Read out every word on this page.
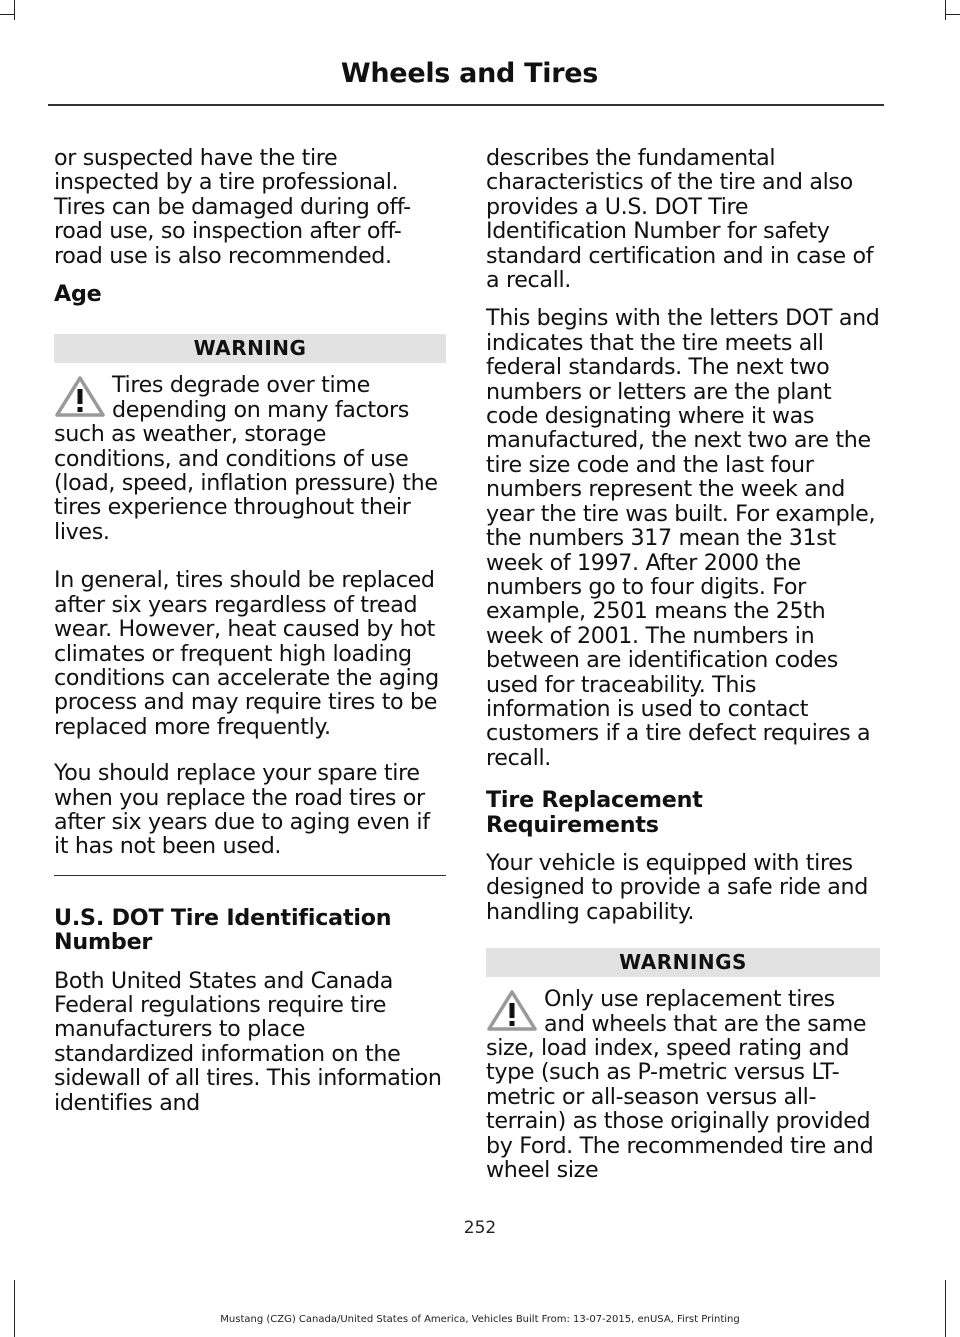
Wheels and Tires

or suspected have the tire inspected by a tire professional. Tires can be damaged during off-road use, so inspection after off-road use is also recommended.

Age
WARNING
Tires degrade over time depending on many factors such as weather, storage conditions, and conditions of use (load, speed, inflation pressure) the tires experience throughout their lives.

In general, tires should be replaced after six years regardless of tread wear. However, heat caused by hot climates or frequent high loading conditions can accelerate the aging process and may require tires to be replaced more frequently.

You should replace your spare tire when you replace the road tires or after six years due to aging even if it has not been used.

U.S. DOT Tire Identification Number

Both United States and Canada Federal regulations require tire manufacturers to place standardized information on the sidewall of all tires. This information identifies and

describes the fundamental characteristics of the tire and also provides a U.S. DOT Tire Identification Number for safety standard certification and in case of a recall.

This begins with the letters DOT and indicates that the tire meets all federal standards. The next two numbers or letters are the plant code designating where it was manufactured, the next two are the tire size code and the last four numbers represent the week and year the tire was built. For example, the numbers 317 mean the 31st week of 1997. After 2000 the numbers go to four digits. For example, 2501 means the 25th week of 2001. The numbers in between are identification codes used for traceability. This information is used to contact customers if a tire defect requires a recall.

Tire Replacement Requirements

Your vehicle is equipped with tires designed to provide a safe ride and handling capability.

WARNINGS
Only use replacement tires and wheels that are the same size, load index, speed rating and type (such as P-metric versus LT-metric or all-season versus all-terrain) as those originally provided by Ford. The recommended tire and wheel size
252
Mustang (CZG) Canada/United States of America, Vehicles Built From: 13-07-2015, enUSA, First Printing
